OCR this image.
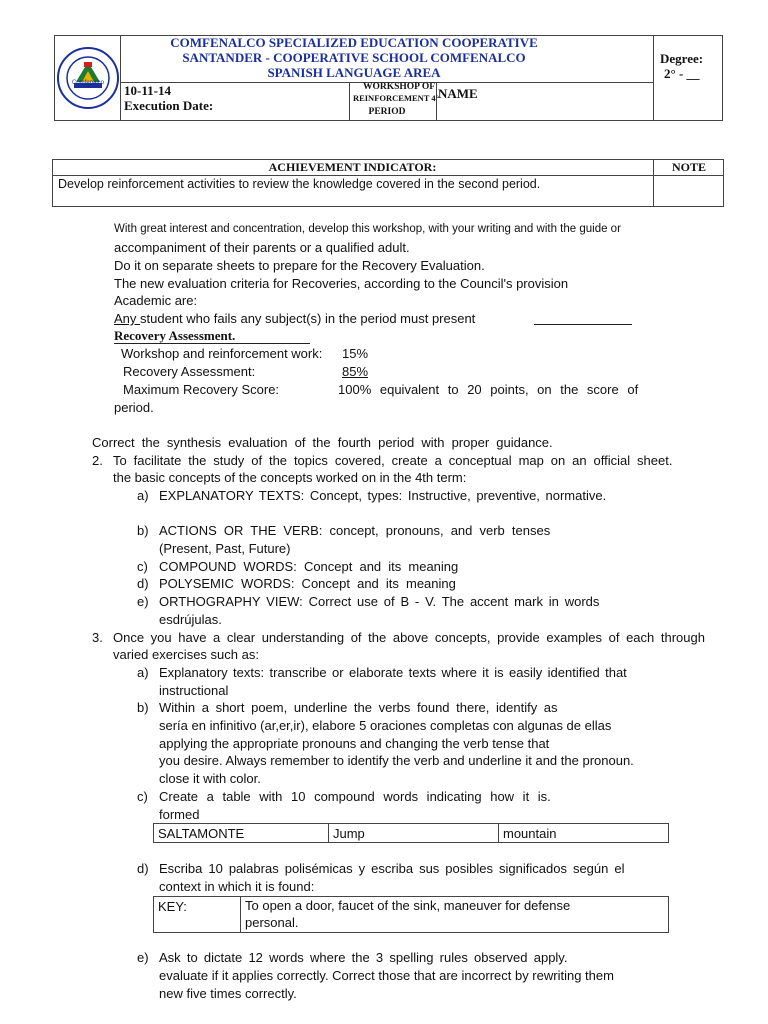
Comfenalco
COMFENALCO SPECIALIZED EDUCATION COOPERATIVE
SANTANDER - COOPERATIVE SCHOOL COMFENALCO
SPANISH LANGUAGE AREA
Degree:
2° - __
10-11-14
Execution Date:
WORKSHOP OF
REINFORCEMENT 4°
PERIOD
NAME
ACHIEVEMENT INDICATOR:	NOTE
Develop reinforcement activities to review the knowledge covered in the second period.
With great interest and concentration, develop this workshop, with your writing and with the guide or
accompaniment of their parents or a qualified adult.
Do it on separate sheets to prepare for the Recovery Evaluation.
The new evaluation criteria for Recoveries, according to the Council's provision
Academic are:
Any student who fails any subject(s) in the period must present
Recovery Assessment.
Workshop and reinforcement work: 15%
Recovery Assessment:	85%
Maximum Recovery Score:	100% equivalent to 20 points, on the score of
period.
Correct the synthesis evaluation of the fourth period with proper guidance.
2. To facilitate the study of the topics covered, create a conceptual map on an official sheet.
the basic concepts of the concepts worked on in the 4th term:
a) EXPLANATORY TEXTS: Concept, types: Instructive, preventive, normative.
b) ACTIONS OR THE VERB: concept, pronouns, and verb tenses
(Present, Past, Future)
c) COMPOUND WORDS: Concept and its meaning
d) POLYSEMIC WORDS: Concept and its meaning
e) ORTHOGRAPHY VIEW: Correct use of B - V. The accent mark in words
esdrújulas.
3. Once you have a clear understanding of the above concepts, provide examples of each through
varied exercises such as:
a) Explanatory texts: transcribe or elaborate texts where it is easily identified that
instructional
b) Within a short poem, underline the verbs found there, identify as
sería en infinitivo (ar,er,ir), elabore 5 oraciones completas con algunas de ellas
applying the appropriate pronouns and changing the verb tense that
you desire. Always remember to identify the verb and underline it and the pronoun.
close it with color.
c) Create a table with 10 compound words indicating how it is.
formed
SALTAMONTE	Jump	mountain
d) Escriba 10 palabras polisémicas y escriba sus posibles significados según el
context in which it is found:
KEY:	To open a door, faucet of the sink, maneuver for defense
personal.
e) Ask to dictate 12 words where the 3 spelling rules observed apply.
evaluate if it applies correctly. Correct those that are incorrect by rewriting them
new five times correctly.
